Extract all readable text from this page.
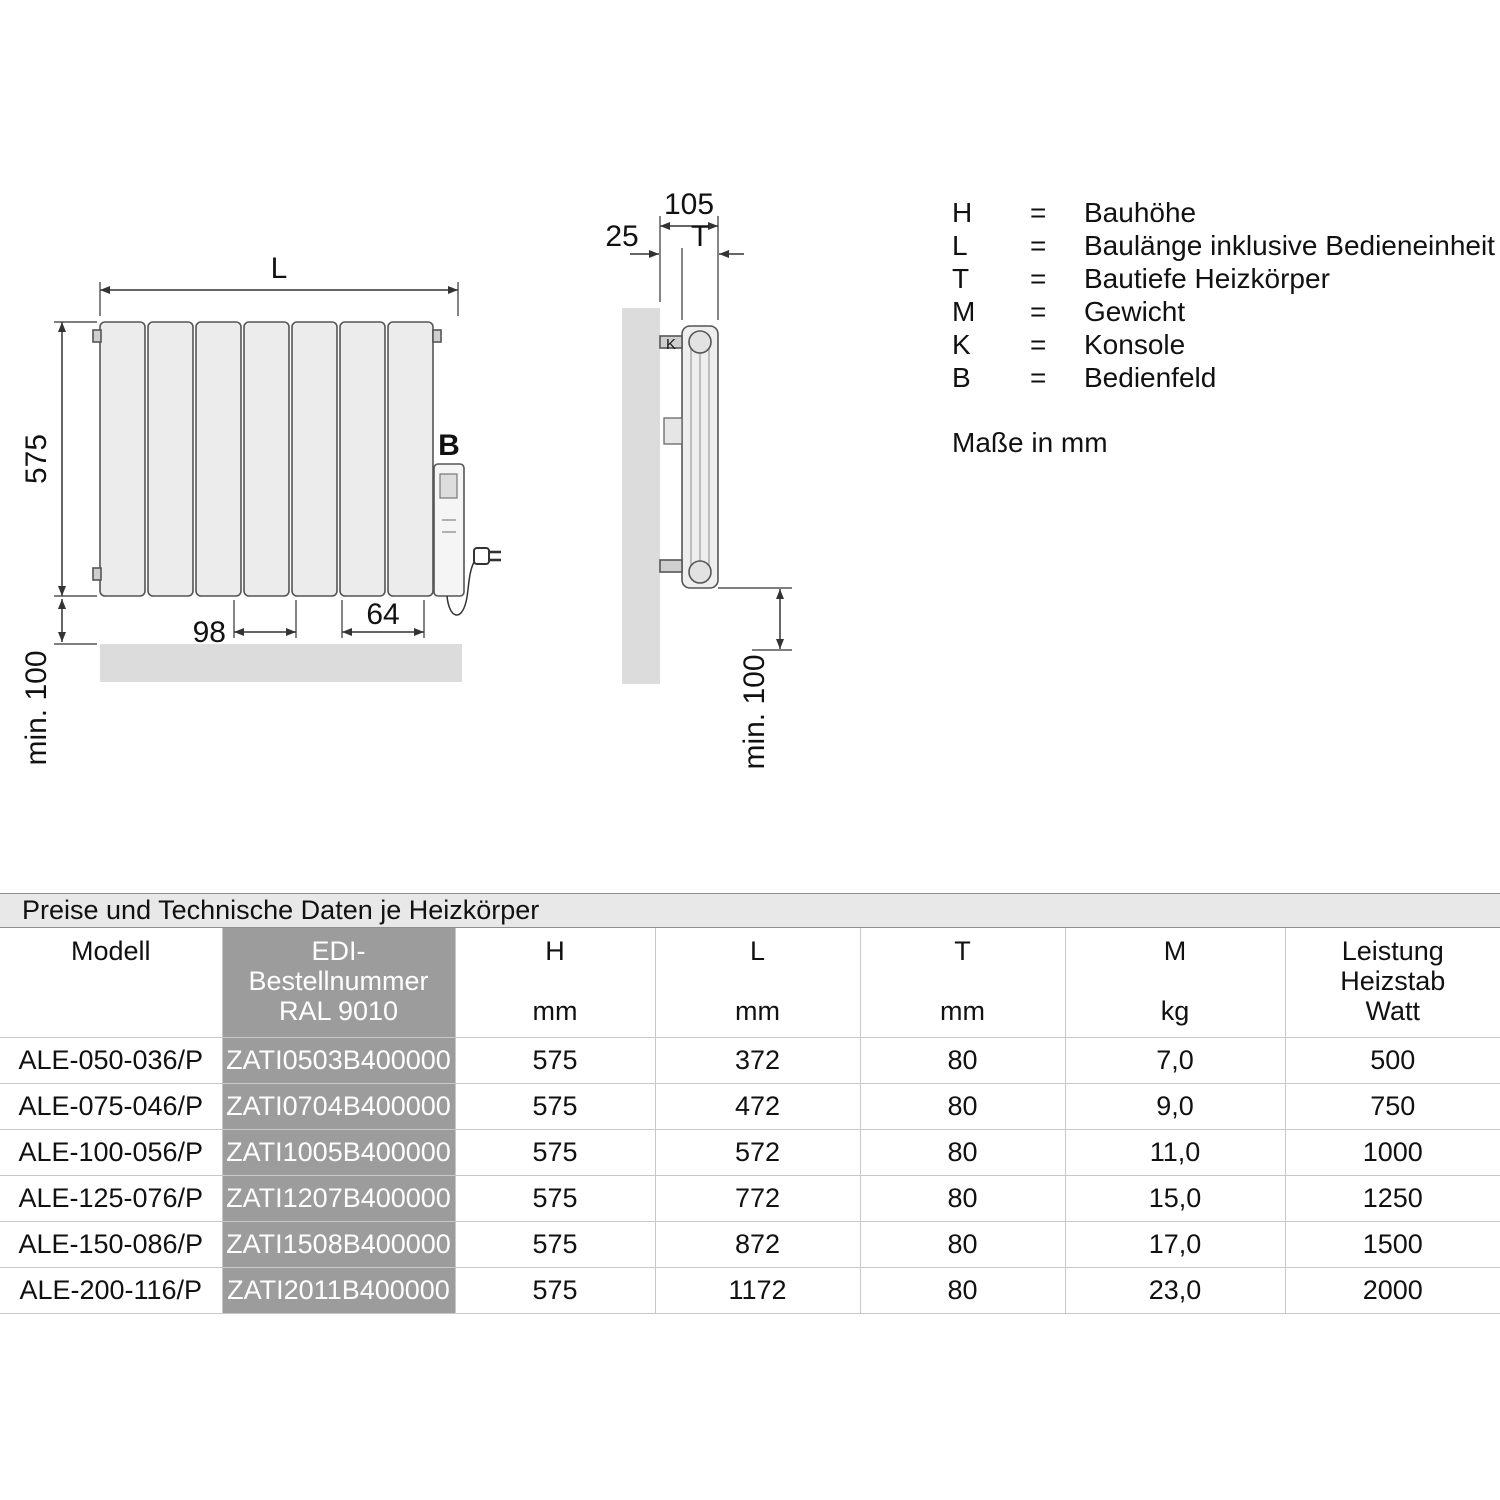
B
L
575
98
64
min. 100
K
105
25 T
min. 100
H	=	Bauhöhe
L	=	Baulänge inklusive Bedieneinheit
T	=	Bautiefe Heizkörper
M	=	Gewicht
K	=	Konsole
B	=	Bedienfeld
Maße in mm
Preise und Technische Daten je Heizkörper
Modell	EDI-
Bestellnummer
RAL 9010

H
mm

L
mm

T
mm

M
kg

Leistung
Heizstab
Watt

ALE-050-036/P	ZATI0503B400000	575	372	80	7,0	500
ALE-075-046/P	ZATI0704B400000	575	472	80	9,0	750
ALE-100-056/P	ZATI1005B400000	575	572	80	11,0	1000
ALE-125-076/P	ZATI1207B400000	575	772	80	15,0	1250
ALE-150-086/P	ZATI1508B400000	575	872	80	17,0	1500
ALE-200-116/P	ZATI2011B400000	575	1172	80	23,0	2000
